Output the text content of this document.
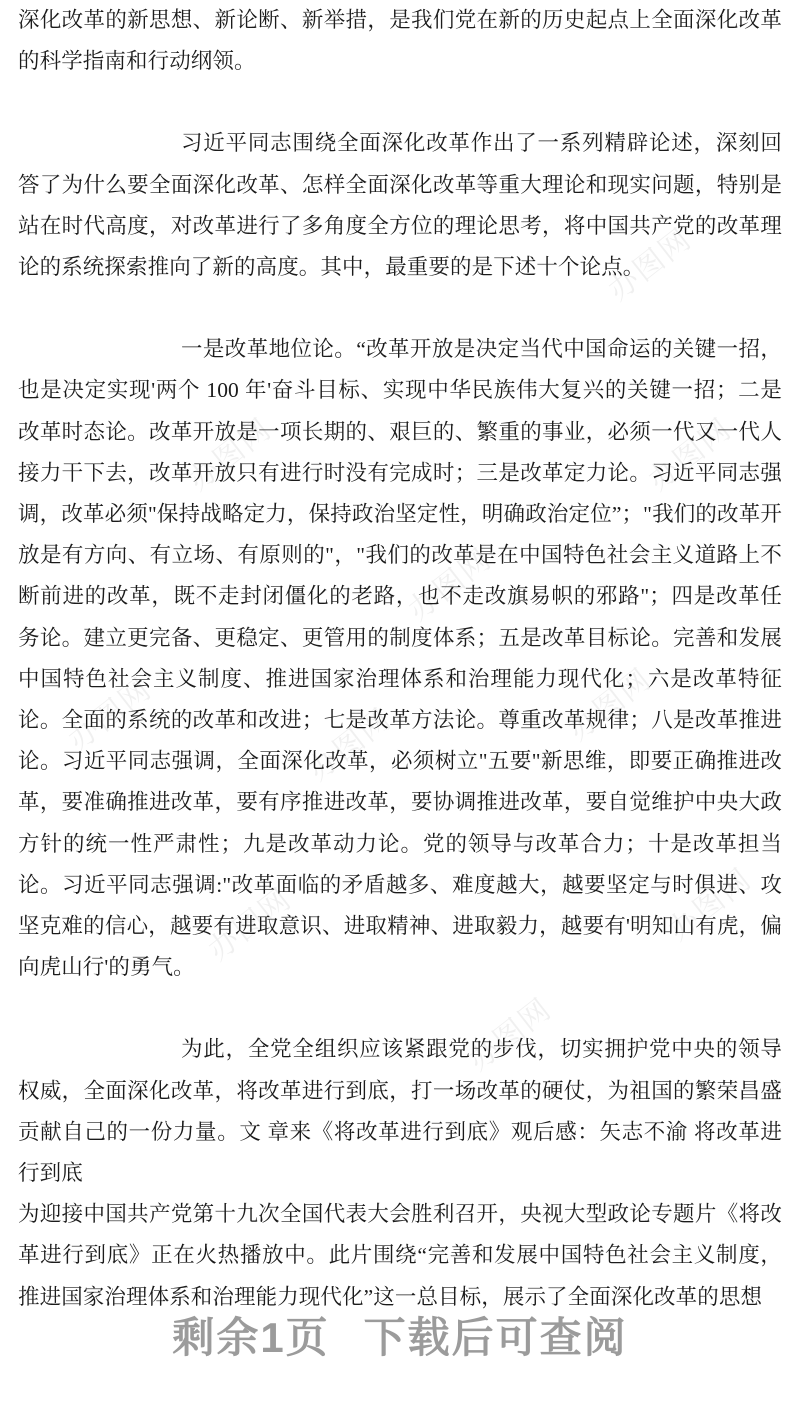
办图网	办图网
办图网
办图网	办图网
办图网
办图网
办图网
办图网
办图网

深化改革的新思想、新论断、新举措，是我们党在新的历史起点上全面深化改革的科学指南和行动纲领。

习近平同志围绕全面深化改革作出了一系列精辟论述，深刻回答了为什么要全面深化改革、怎样全面深化改革等重大理论和现实问题，特别是站在时代高度，对改革进行了多角度全方位的理论思考，将中国共产党的改革理论的系统探索推向了新的高度。其中，最重要的是下述十个论点。

一是改革地位论。“改革开放是决定当代中国命运的关键一招，也是决定实现'两个 100 年'奋斗目标、实现中华民族伟大复兴的关键一招；二是改革时态论。改革开放是一项长期的、艰巨的、繁重的事业，必须一代又一代人接力干下去，改革开放只有进行时没有完成时；三是改革定力论。习近平同志强调，改革必须"保持战略定力，保持政治坚定性，明确政治定位”；"我们的改革开放是有方向、有立场、有原则的"，"我们的改革是在中国特色社会主义道路上不断前进的改革，既不走封闭僵化的老路，也不走改旗易帜的邪路"；四是改革任务论。建立更完备、更稳定、更管用的制度体系；五是改革目标论。完善和发展中国特色社会主义制度、推进国家治理体系和治理能力现代化；六是改革特征论。全面的系统的改革和改进；七是改革方法论。尊重改革规律；八是改革推进论。习近平同志强调，全面深化改革，必须树立"五要"新思维，即要正确推进改革，要准确推进改革，要有序推进改革，要协调推进改革，要自觉维护中央大政方针的统一性严肃性；九是改革动力论。党的领导与改革合力；十是改革担当论。习近平同志强调:"改革面临的矛盾越多、难度越大，越要坚定与时俱进、攻坚克难的信心，越要有进取意识、进取精神、进取毅力，越要有'明知山有虎，偏向虎山行'的勇气。

为此，全党全组织应该紧跟党的步伐，切实拥护党中央的领导权威，全面深化改革，将改革进行到底，打一场改革的硬仗，为祖国的繁荣昌盛贡献自己的一份力量。文 章来《将改革进行到底》观后感：矢志不渝 将改革进行到底

为迎接中国共产党第十九次全国代表大会胜利召开，央视大型政论专题片《将改革进行到底》正在火热播放中。此片围绕“完善和发展中国特色社会主义制度，推进国家治理体系和治理能力现代化”这一总目标，展示了全面深化改革的思想

剩余1页 下载后可查阅
